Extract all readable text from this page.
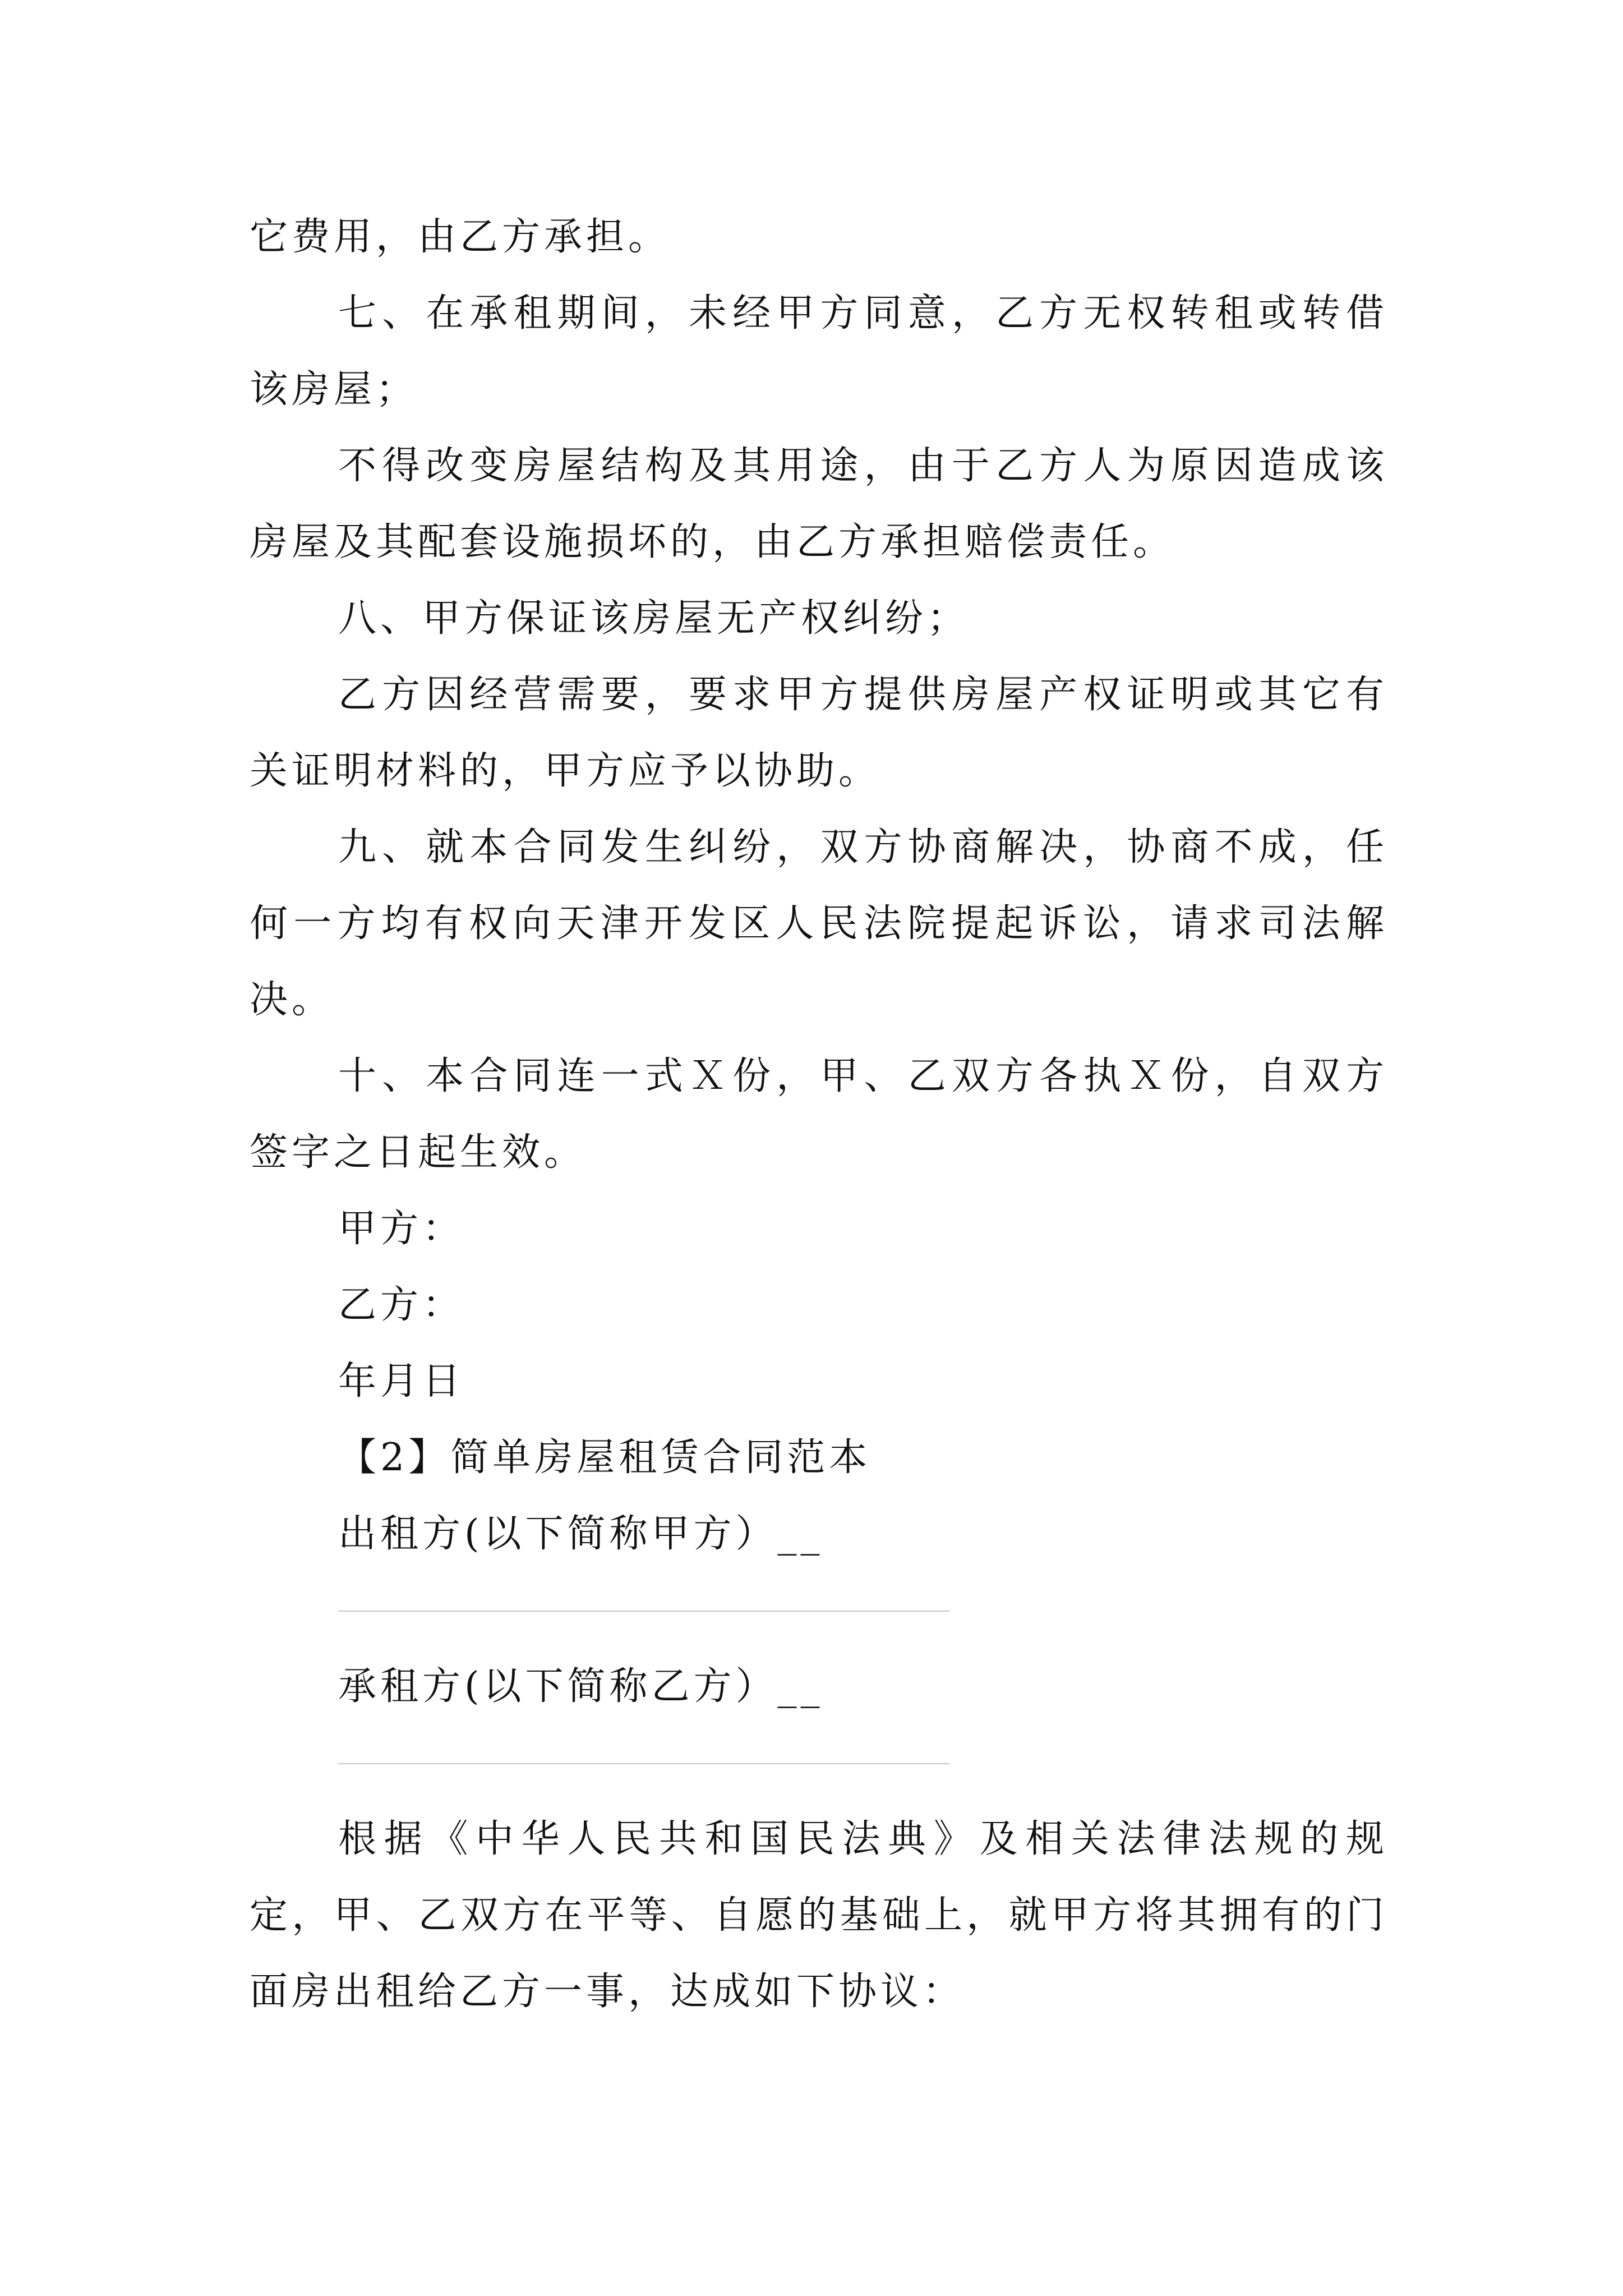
它费用，由乙方承担。

七、在承租期间，未经甲方同意，乙方无权转租或转借该房屋；

不得改变房屋结构及其用途，由于乙方人为原因造成该房屋及其配套设施损坏的，由乙方承担赔偿责任。

八、甲方保证该房屋无产权纠纷；

乙方因经营需要，要求甲方提供房屋产权证明或其它有关证明材料的，甲方应予以协助。

九、就本合同发生纠纷，双方协商解决，协商不成，任何一方均有权向天津开发区人民法院提起诉讼，请求司法解决。

十、本合同连一式Ｘ份，甲、乙双方各执Ｘ份，自双方签字之日起生效。

甲方：

乙方：

年月日

【2】简单房屋租赁合同范本

出租方(以下简称甲方）__

承租方(以下简称乙方）__

根据《中华人民共和国民法典》及相关法律法规的规定，甲、乙双方在平等、自愿的基础上，就甲方将其拥有的门面房出租给乙方一事，达成如下协议：
